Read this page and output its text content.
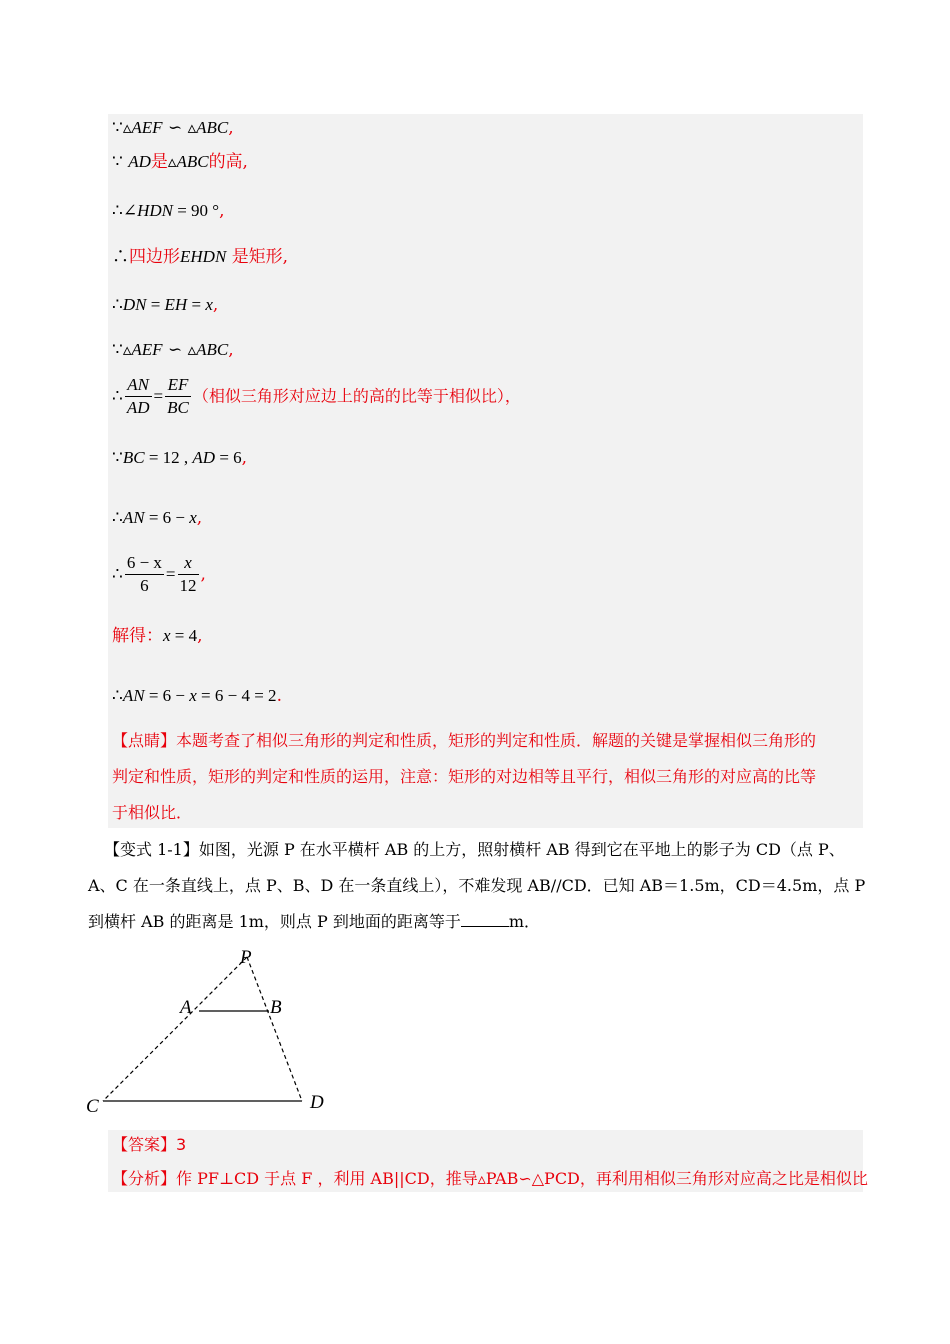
∵▵AEF ∽ ▵ABC,
∵ AD是▵ABC的高,
∴∠HDN = 90 °,
∴四边形EHDN 是矩形,
∴DN = EH = x,
∵▵AEF ∽ ▵ABC,
∴ $\frac{AN}{AD} = \frac{EF}{BC}$ （相似三角形对应边上的高的比等于相似比），
∵BC = 12 , AD = 6,
∴AN = 6 − x,
∴ $\frac{6 - x}{6} = \frac{x}{12}$ ,
解得：x = 4,
∴AN = 6 − x = 6 − 4 = 2.
【点睛】本题考查了相似三角形的判定和性质，矩形的判定和性质．解题的关键是掌握相似三角形的
判定和性质，矩形的判定和性质的运用，注意：矩形的对边相等且平行，相似三角形的对应高的比等
于相似比．
【变式 1-1】如图，光源 P 在水平横杆 AB 的上方，照射横杆 AB 得到它在平地上的影子为 CD（点 P、
A、C 在一条直线上，点 P、B、D 在一条直线上），不难发现 AB//CD．已知 AB＝1.5m，CD＝4.5m，点 P
到横杆 AB 的距离是 1m，则点 P 到地面的距离等于	m．
P
A	B
C	D
【答案】3
【分析】作 PF⊥CD 于点 F ，利用 AB||CD，推导▵PAB∽△PCD，再利用相似三角形对应高之比是相似比
